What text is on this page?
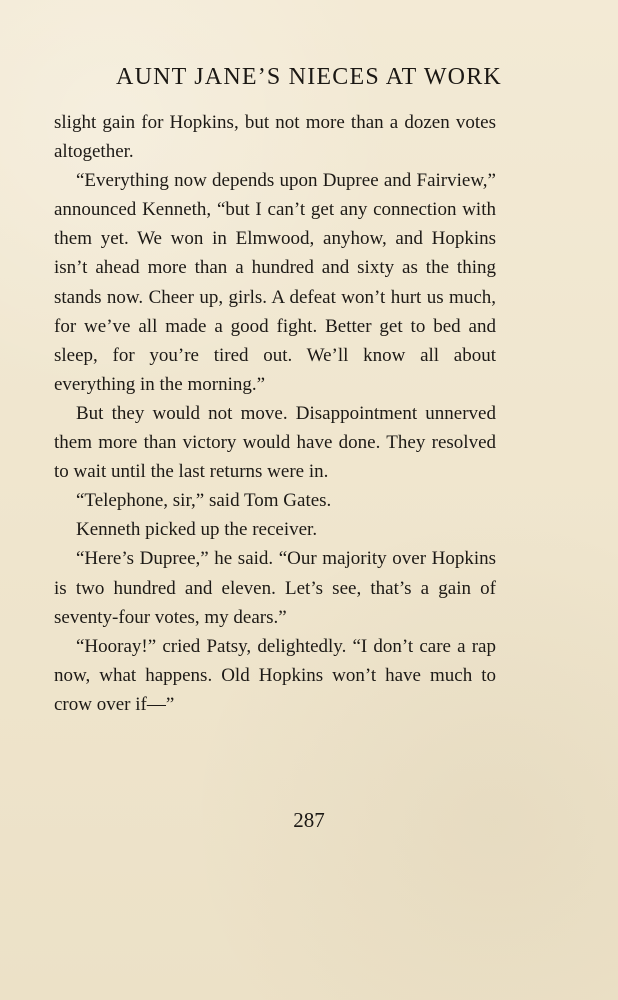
AUNT JANE’S NIECES AT WORK

slight gain for Hopkins, but not more than a dozen votes altogether.

“Everything now depends upon Dupree and Fairview,” announced Kenneth, “but I can’t get any connection with them yet. We won in Elmwood, anyhow, and Hopkins isn’t ahead more than a hundred and sixty as the thing stands now. Cheer up, girls. A defeat won’t hurt us much, for we’ve all made a good fight. Better get to bed and sleep, for you’re tired out. We’ll know all about everything in the morning.”

But they would not move. Disappointment unnerved them more than victory would have done. They resolved to wait until the last returns were in.

“Telephone, sir,” said Tom Gates.

Kenneth picked up the receiver.

“Here’s Dupree,” he said. “Our majority over Hopkins is two hundred and eleven. Let’s see, that’s a gain of seventy-four votes, my dears.”

“Hooray!” cried Patsy, delightedly. “I don’t care a rap now, what happens. Old Hopkins won’t have much to crow over if—”

287
